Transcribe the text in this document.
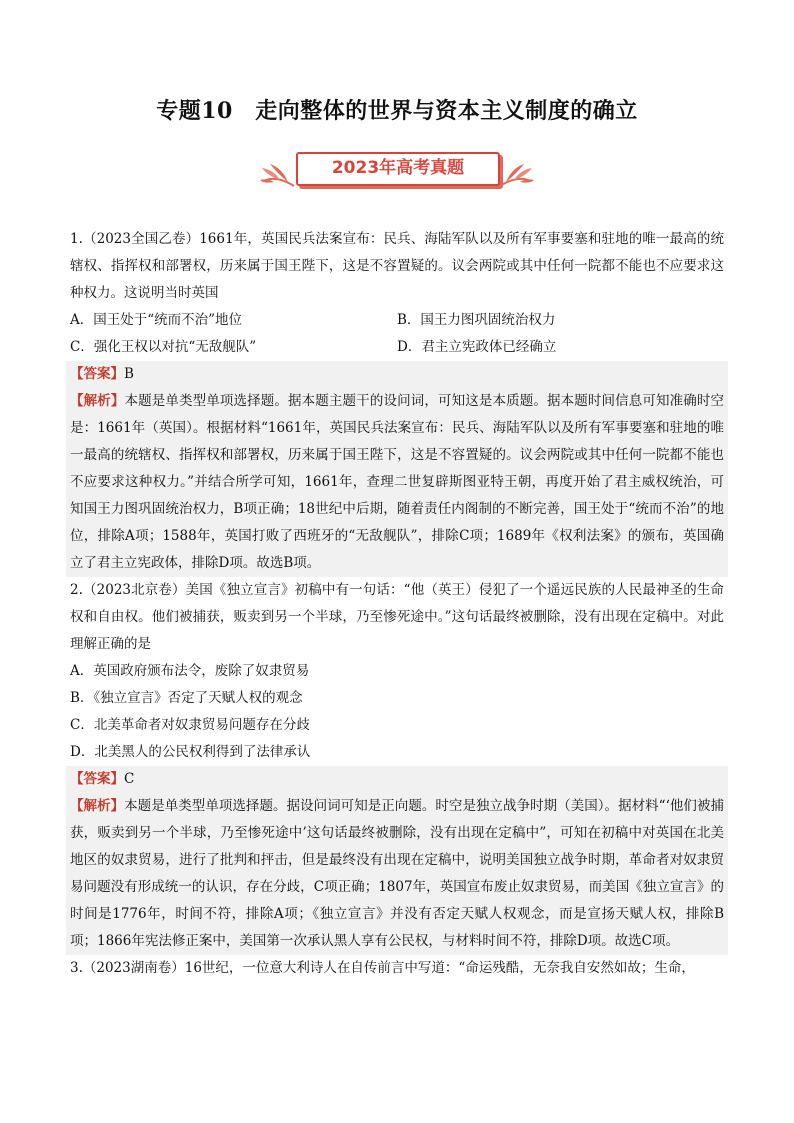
专题10　走向整体的世界与资本主义制度的确立
2023年高考真题

1.（2023全国乙卷）1661年，英国民兵法案宣布：民兵、海陆军队以及所有军事要塞和驻地的唯一最高的统辖权、指挥权和部署权，历来属于国王陛下，这是不容置疑的。议会两院或其中任何一院都不能也不应要求这种权力。这说明当时英国

A．国王处于“统而不治”地位	B．国王力图巩固统治权力
C．强化王权以对抗“无敌舰队”	D．君主立宪政体已经确立

【答案】B

【解析】本题是单类型单项选择题。据本题主题干的设问词，可知这是本质题。据本题时间信息可知准确时空是：1661年（英国）。根据材料“1661年，英国民兵法案宣布：民兵、海陆军队以及所有军事要塞和驻地的唯一最高的统辖权、指挥权和部署权，历来属于国王陛下，这是不容置疑的。议会两院或其中任何一院都不能也不应要求这种权力。”并结合所学可知，1661年，查理二世复辟斯图亚特王朝，再度开始了君主威权统治，可知国王力图巩固统治权力，B项正确；18世纪中后期，随着责任内阁制的不断完善，国王处于“统而不治”的地位，排除A项；1588年，英国打败了西班牙的“无敌舰队”，排除C项；1689年《权利法案》的颁布，英国确立了君主立宪政体，排除D项。故选B项。

2.（2023北京卷）美国《独立宣言》初稿中有一句话：“他（英王）侵犯了一个遥远民族的人民最神圣的生命权和自由权。他们被捕获，贩卖到另一个半球，乃至惨死途中。”这句话最终被删除，没有出现在定稿中。对此理解正确的是

A．英国政府颁布法令，废除了奴隶贸易

B．《独立宣言》否定了天赋人权的观念

C．北美革命者对奴隶贸易问题存在分歧

D．北美黑人的公民权利得到了法律承认

【答案】C

【解析】本题是单类型单项选择题。据设问词可知是正向题。时空是独立战争时期（美国）。据材料“‘他们被捕获，贩卖到另一个半球，乃至惨死途中’这句话最终被删除，没有出现在定稿中”，可知在初稿中对英国在北美地区的奴隶贸易，进行了批判和抨击，但是最终没有出现在定稿中，说明美国独立战争时期，革命者对奴隶贸易问题没有形成统一的认识，存在分歧，C项正确；1807年，英国宣布废止奴隶贸易，而美国《独立宣言》的时间是1776年，时间不符，排除A项；《独立宣言》并没有否定天赋人权观念，而是宣扬天赋人权，排除B项；1866年宪法修正案中，美国第一次承认黑人享有公民权，与材料时间不符，排除D项。故选C项。

3.（2023湖南卷）16世纪，一位意大利诗人在自传前言中写道：“命运残酷，无奈我自安然如故；生命，
